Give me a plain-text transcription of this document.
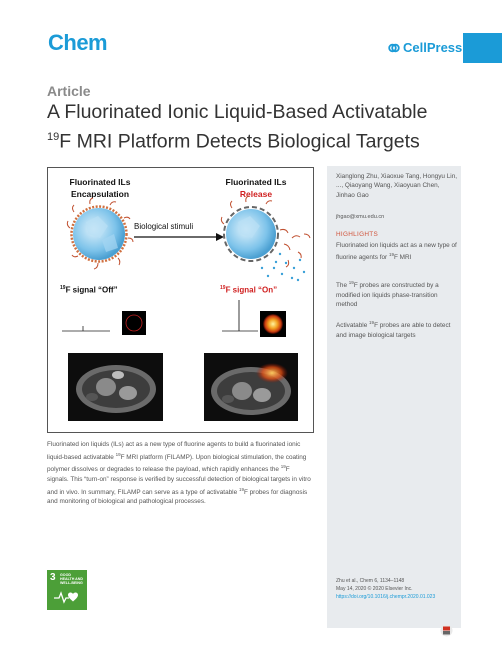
Chem	CellPress
Article
A Fluorinated Ionic Liquid-Based Activatable
$^{19}$F MRI Platform Detects Biological Targets
Fluorinated ILs
Encapsulation
Fluorinated ILs
Release
Biological stimuli
$^{19}$F signal “Off”	$^{19}$F signal “On”
Fluorinated ion liquids (ILs) act as a new type of fluorine agents to build a fluorinated ionic liquid-based activatable $^{19}$F MRI platform (FILAMP). Upon biological stimulation, the coating polymer dissolves or degrades to release the payload, which rapidly enhances the $^{19}$F signals. This “turn-on” response is verified by successful detection of biological targets in vitro and in vivo. In summary, FILAMP can serve as a type of activatable $^{19}$F probes for diagnosis and monitoring of biological and pathological processes.
Xianglong Zhu, Xiaoxue Tang, Hongyu Lin, ..., Qiaoyang Wang, Xiaoyuan Chen, Jinhao Gao
jhgao@xmu.edu.cn
HIGHLIGHTS
Fluorinated ion liquids act as a new type of fluorine agents for $^{19}$F MRI
The $^{19}$F probes are constructed by a modified ion liquids phase-transition method
Activatable $^{19}$F probes are able to detect and image biological targets
Zhu et al., Chem 6, 1134–1148
May 14, 2020 © 2020 Elsevier Inc.
https://doi.org/10.1016/j.chempr.2020.01.023
3 GOOD HEALTH AND WELL-BEING
